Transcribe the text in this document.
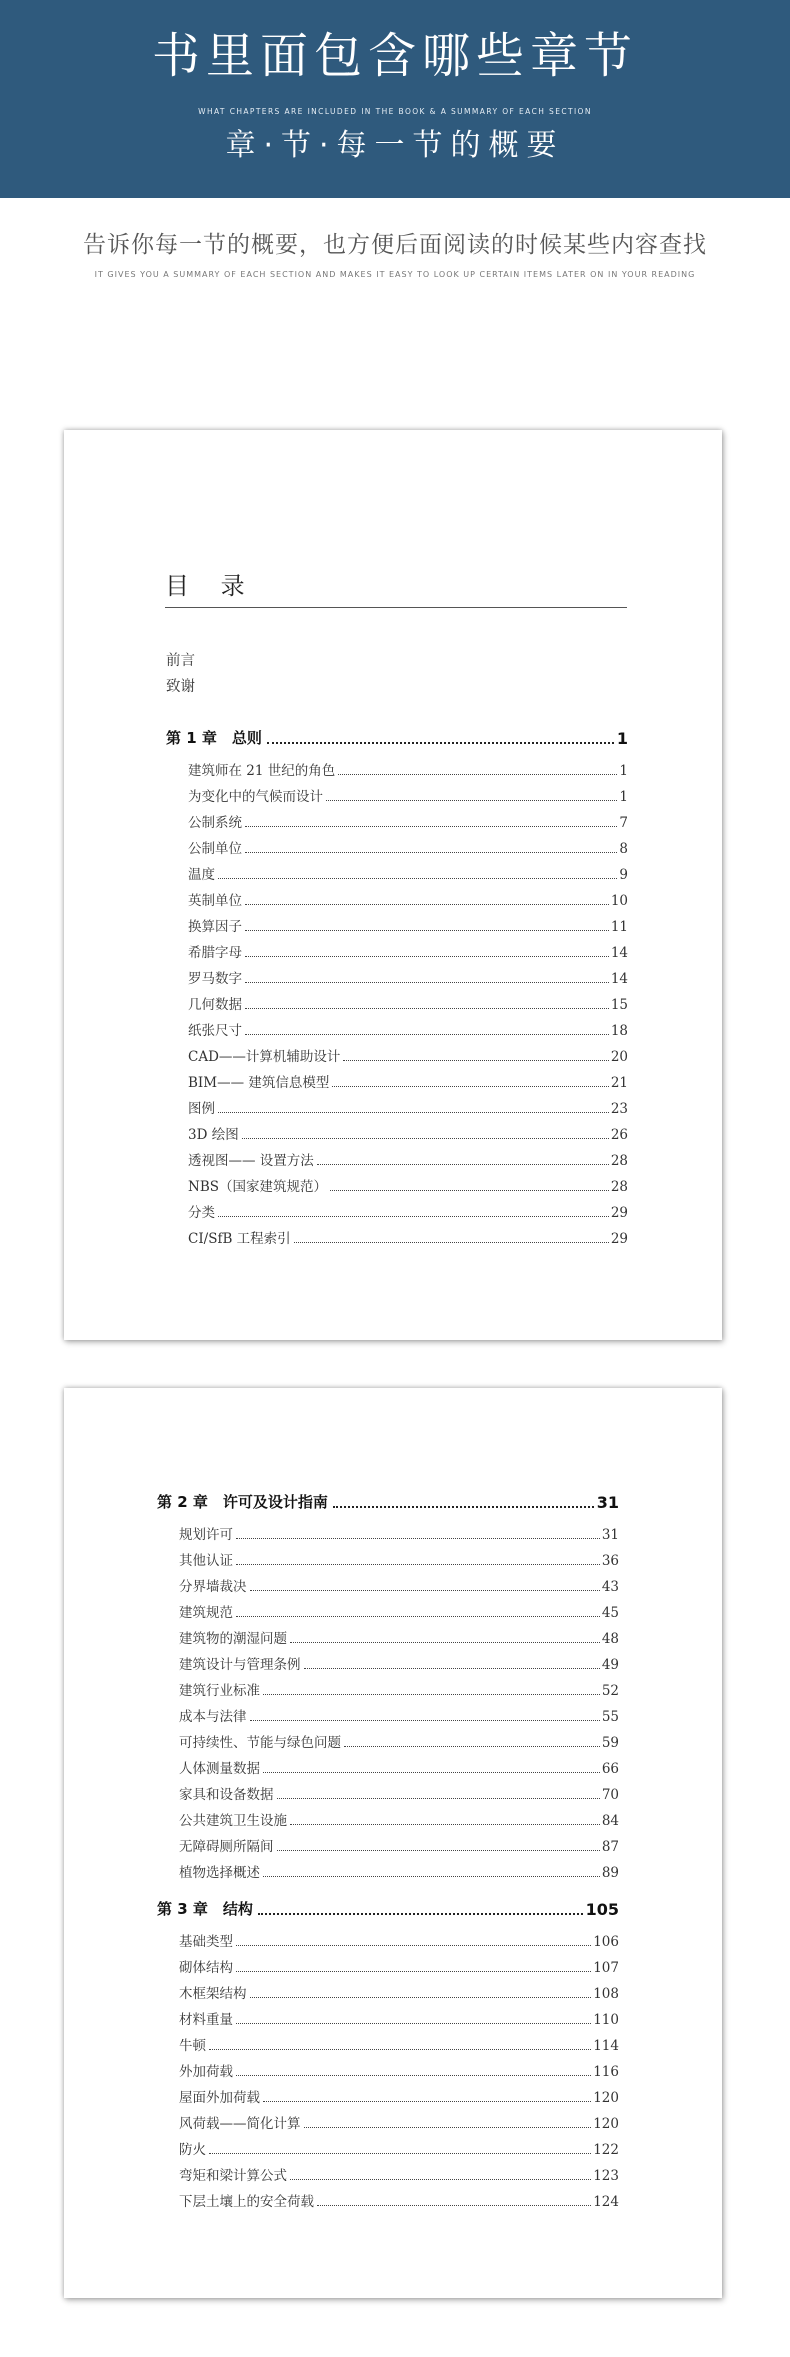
书里面包含哪些章节
WHAT CHAPTERS ARE INCLUDED IN THE BOOK & A SUMMARY OF EACH SECTION
章·节·每一节的概要
告诉你每一节的概要，也方便后面阅读的时候某些内容查找
IT GIVES YOU A SUMMARY OF EACH SECTION AND MAKES IT EASY TO LOOK UP CERTAIN ITEMS LATER ON IN YOUR READING
目 录
前言
致谢
第 1 章　总则	1
建筑师在 21 世纪的角色	1
为变化中的气候而设计	1
公制系统	7
公制单位	8
温度	9
英制单位	10
换算因子	11
希腊字母	14
罗马数字	14
几何数据	15
纸张尺寸	18
CAD——计算机辅助设计	20
BIM—— 建筑信息模型	21
图例	23
3D 绘图	26
透视图—— 设置方法	28
NBS（国家建筑规范）	28
分类	29
CI/SfB 工程索引	29
第 2 章　许可及设计指南	31
规划许可	31
其他认证	36
分界墙裁决	43
建筑规范	45
建筑物的潮湿问题	48
建筑设计与管理条例	49
建筑行业标准	52
成本与法律	55
可持续性、节能与绿色问题	59
人体测量数据	66
家具和设备数据	70
公共建筑卫生设施	84
无障碍厕所隔间	87
植物选择概述	89
第 3 章　结构	105
基础类型	106
砌体结构	107
木框架结构	108
材料重量	110
牛顿	114
外加荷载	116
屋面外加荷载	120
风荷载——简化计算	120
防火	122
弯矩和梁计算公式	123
下层土壤上的安全荷载	124
